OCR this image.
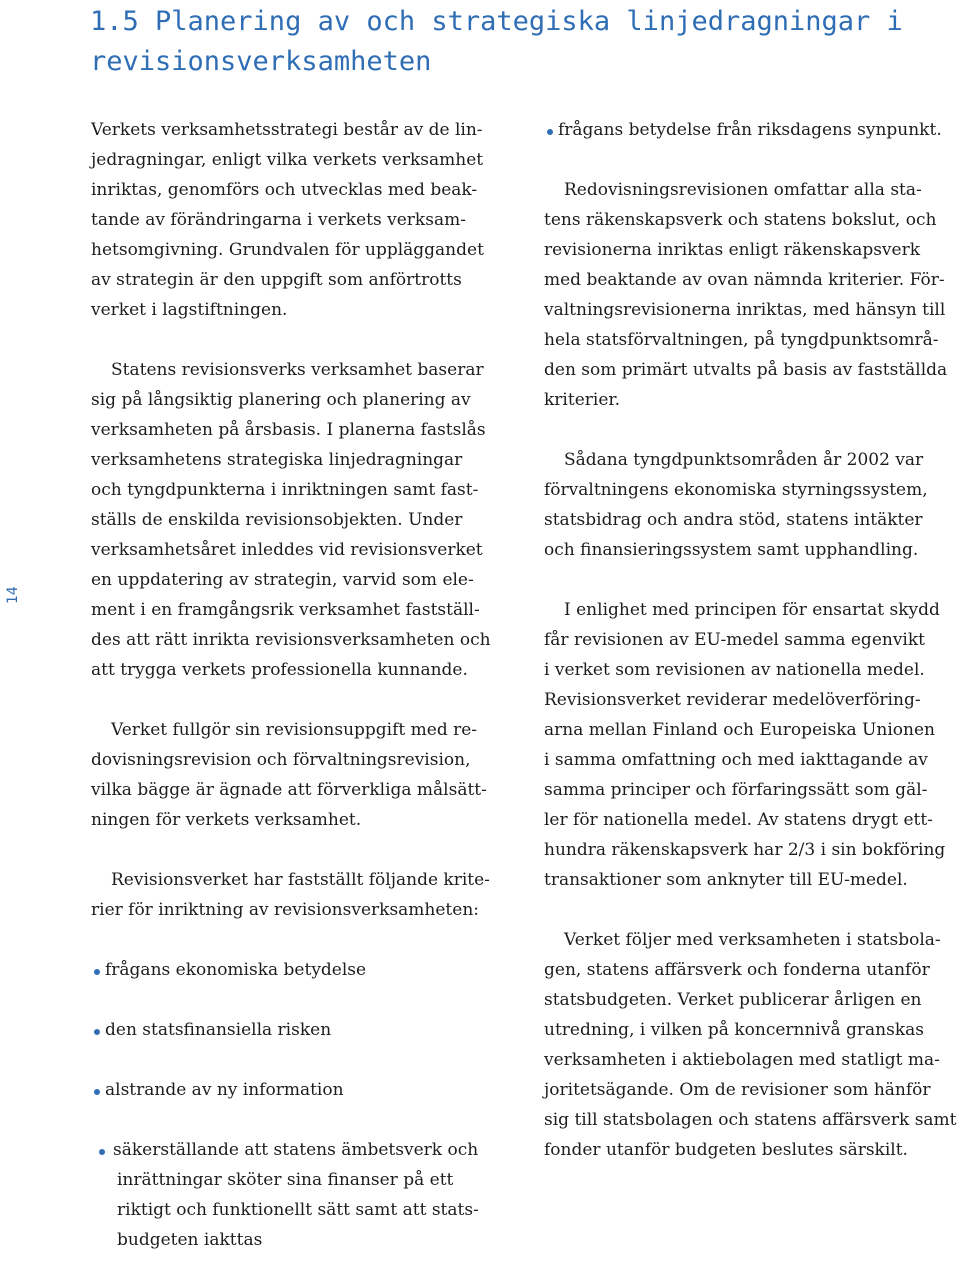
1.5 Planering av och strategiska linjedragningar i
revisionsverksamheten
14

Verkets verksamhetsstrategi består av de lin-
jedragningar, enligt vilka verkets verksamhet
inriktas, genomförs och utvecklas med beak-
tande av förändringarna i verkets verksam-
hetsomgivning. Grundvalen för uppläggandet
av strategin är den uppgift som anförtrotts
verket i lagstiftningen.

Statens revisionsverks verksamhet baserar
sig på långsiktig planering och planering av
verksamheten på årsbasis. I planerna fastslås
verksamhetens strategiska linjedragningar
och tyngdpunkterna i inriktningen samt fast-
ställs de enskilda revisionsobjekten. Under
verksamhetsåret inleddes vid revisionsverket
en uppdatering av strategin, varvid som ele-
ment i en framgångsrik verksamhet fastställ-
des att rätt inrikta revisionsverksamheten och
att trygga verkets professionella kunnande.

Verket fullgör sin revisionsuppgift med re-
dovisningsrevision och förvaltningsrevision,
vilka bägge är ägnade att förverkliga målsätt-
ningen för verkets verksamhet.

Revisionsverket har fastställt följande krite-
rier för inriktning av revisionsverksamheten:

frågans ekonomiska betydelse
den statsfinansiella risken
alstrande av ny information
säkerställande att statens ämbetsverk och
inrättningar sköter sina finanser på ett
riktigt och funktionellt sätt samt att stats-
budgeten iakttas

frågans betydelse från riksdagens synpunkt.

Redovisningsrevisionen omfattar alla sta-
tens räkenskapsverk och statens bokslut, och
revisionerna inriktas enligt räkenskapsverk
med beaktande av ovan nämnda kriterier. För-
valtningsrevisionerna inriktas, med hänsyn till
hela statsförvaltningen, på tyngdpunktsområ-
den som primärt utvalts på basis av fastställda
kriterier.

Sådana tyngdpunktsområden år 2002 var
förvaltningens ekonomiska styrningssystem,
statsbidrag och andra stöd, statens intäkter
och finansieringssystem samt upphandling.

I enlighet med principen för ensartat skydd
får revisionen av EU-medel samma egenvikt
i verket som revisionen av nationella medel.
Revisionsverket reviderar medelöverföring-
arna mellan Finland och Europeiska Unionen
i samma omfattning och med iakttagande av
samma principer och förfaringssätt som gäl-
ler för nationella medel. Av statens drygt ett-
hundra räkenskapsverk har 2/3 i sin bokföring
transaktioner som anknyter till EU-medel.

Verket följer med verksamheten i statsbola-
gen, statens affärsverk och fonderna utanför
statsbudgeten. Verket publicerar årligen en
utredning, i vilken på koncernnivå granskas
verksamheten i aktiebolagen med statligt ma-
joritetsägande. Om de revisioner som hänför
sig till statsbolagen och statens affärsverk samt
fonder utanför budgeten beslutes särskilt.
